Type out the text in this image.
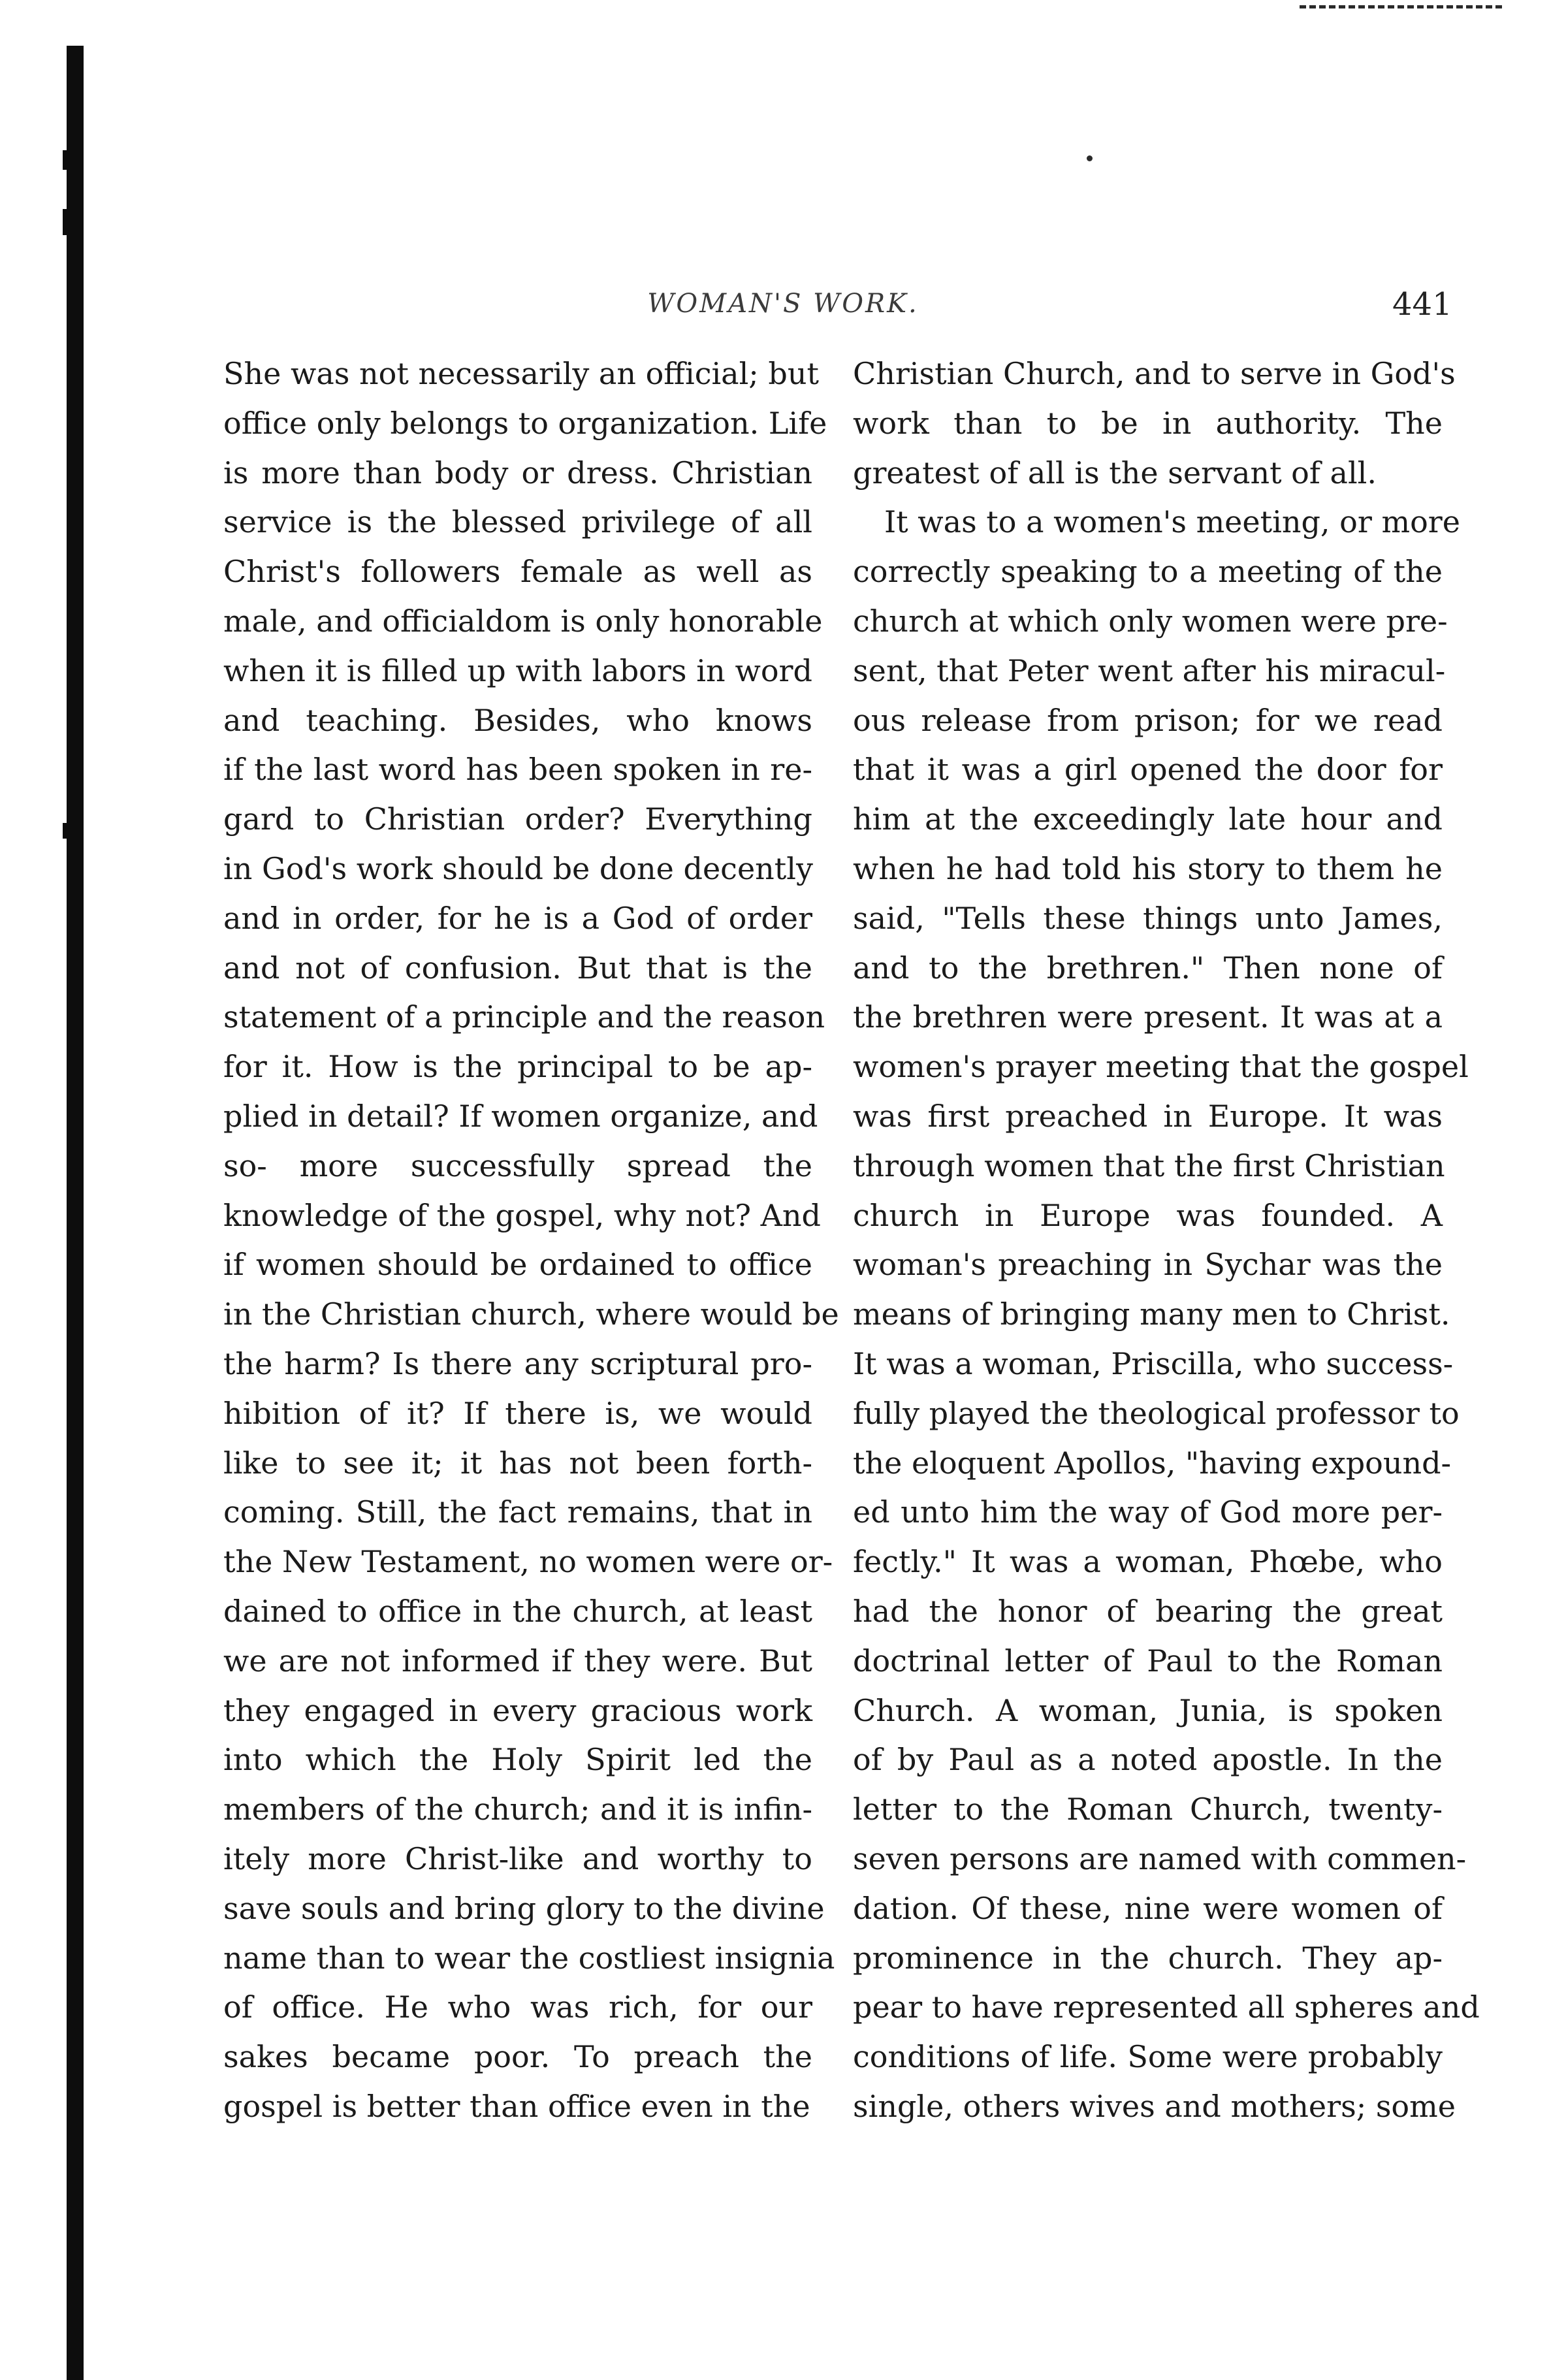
WOMAN'S WORK.	441
She was not necessarily an official; but
office only belongs to organization. Life
is more than body or dress. Christian
service is the blessed privilege of all
Christ's followers female as well as
male, and officialdom is only honorable
when it is filled up with labors in word
and teaching. Besides, who knows
if the last word has been spoken in re-
gard to Christian order? Everything
in God's work should be done decently
and in order, for he is a God of order
and not of confusion. But that is the
statement of a principle and the reason
for it. How is the principal to be ap-
plied in detail? If women organize, and
so- more successfully spread the
knowledge of the gospel, why not? And
if women should be ordained to office
in the Christian church, where would be
the harm? Is there any scriptural pro-
hibition of it? If there is, we would
like to see it; it has not been forth-
coming. Still, the fact remains, that in
the New Testament, no women were or-
dained to office in the church, at least
we are not informed if they were. But
they engaged in every gracious work
into which the Holy Spirit led the
members of the church; and it is infin-
itely more Christ-like and worthy to
save souls and bring glory to the divine
name than to wear the costliest insignia
of office. He who was rich, for our
sakes became poor. To preach the
gospel is better than office even in the
Christian Church, and to serve in God's
work than to be in authority. The
greatest of all is the servant of all.
It was to a women's meeting, or more
correctly speaking to a meeting of the
church at which only women were pre-
sent, that Peter went after his miracul-
ous release from prison; for we read
that it was a girl opened the door for
him at the exceedingly late hour and
when he had told his story to them he
said, "Tells these things unto James,
and to the brethren." Then none of
the brethren were present. It was at a
women's prayer meeting that the gospel
was first preached in Europe. It was
through women that the first Christian
church in Europe was founded. A
woman's preaching in Sychar was the
means of bringing many men to Christ.
It was a woman, Priscilla, who success-
fully played the theological professor to
the eloquent Apollos, "having expound-
ed unto him the way of God more per-
fectly." It was a woman, Phœbe, who
had the honor of bearing the great
doctrinal letter of Paul to the Roman
Church. A woman, Junia, is spoken
of by Paul as a noted apostle. In the
letter to the Roman Church, twenty-
seven persons are named with commen-
dation. Of these, nine were women of
prominence in the church. They ap-
pear to have represented all spheres and
conditions of life. Some were probably
single, others wives and mothers; some
